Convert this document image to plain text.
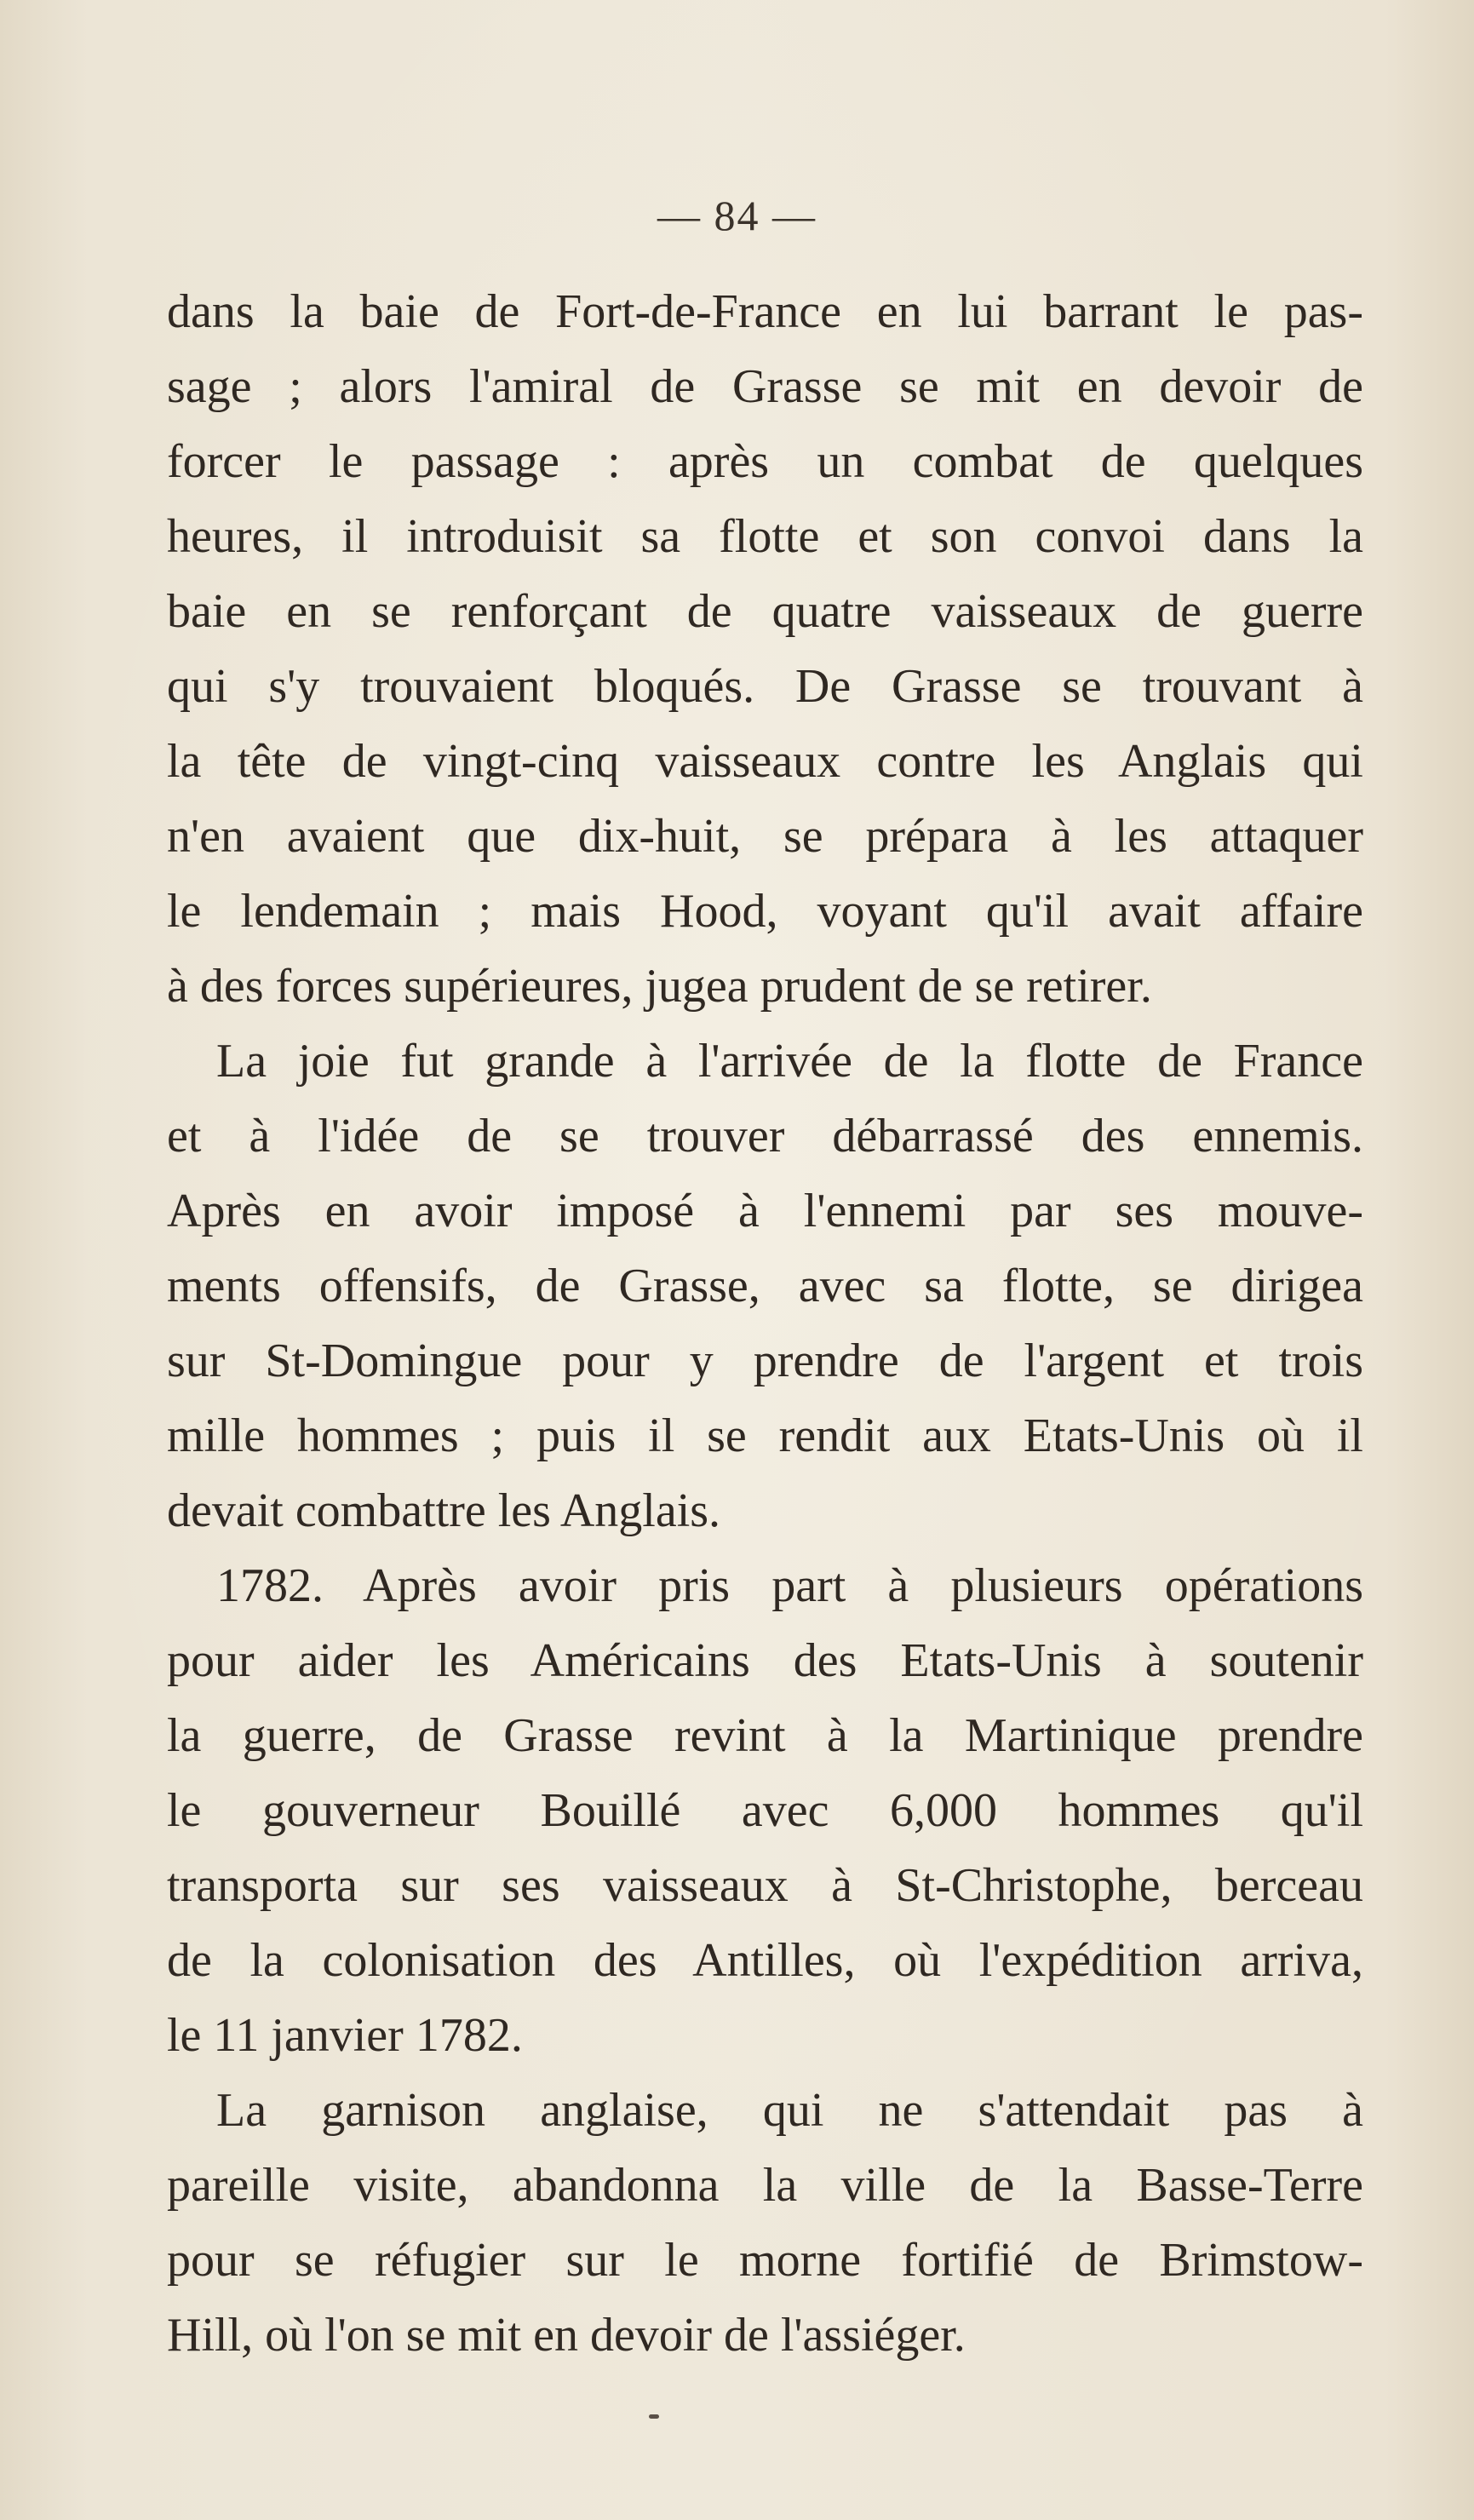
— 84 —
dans la baie de Fort-de-France en lui barrant le pas-
sage ; alors l'amiral de Grasse se mit en devoir de
forcer le passage : après un combat de quelques
heures, il introduisit sa flotte et son convoi dans la
baie en se renforçant de quatre vaisseaux de guerre
qui s'y trouvaient bloqués. De Grasse se trouvant à
la tête de vingt-cinq vaisseaux contre les Anglais qui
n'en avaient que dix-huit, se prépara à les attaquer
le lendemain ; mais Hood, voyant qu'il avait affaire
à des forces supérieures, jugea prudent de se retirer.
La joie fut grande à l'arrivée de la flotte de France
et à l'idée de se trouver débarrassé des ennemis.
Après en avoir imposé à l'ennemi par ses mouve-
ments offensifs, de Grasse, avec sa flotte, se dirigea
sur St-Domingue pour y prendre de l'argent et trois
mille hommes ; puis il se rendit aux Etats-Unis où il
devait combattre les Anglais.
1782. Après avoir pris part à plusieurs opérations
pour aider les Américains des Etats-Unis à soutenir
la guerre, de Grasse revint à la Martinique prendre
le gouverneur Bouillé avec 6,000 hommes qu'il
transporta sur ses vaisseaux à St-Christophe, berceau
de la colonisation des Antilles, où l'expédition arriva,
le 11 janvier 1782.
La garnison anglaise, qui ne s'attendait pas à
pareille visite, abandonna la ville de la Basse-Terre
pour se réfugier sur le morne fortifié de Brimstow-
Hill, où l'on se mit en devoir de l'assiéger.
